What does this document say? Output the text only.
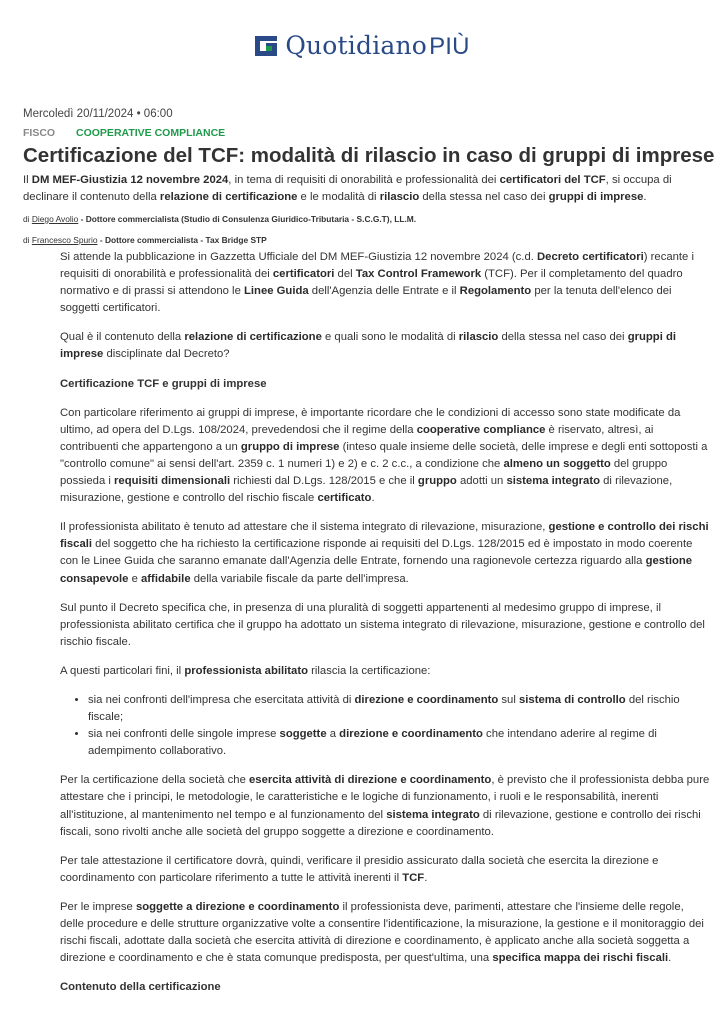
QuotidianoPIÙ
Mercoledì 20/11/2024 • 06:00
FISCO COOPERATIVE COMPLIANCE
Certificazione del TCF: modalità di rilascio in caso di gruppi di imprese

Il DM MEF-Giustizia 12 novembre 2024, in tema di requisiti di onorabilità e professionalità dei certificatori del TCF, si occupa di declinare il contenuto della relazione di certificazione e le modalità di rilascio della stessa nel caso dei gruppi di imprese.

di Diego Avolio - Dottore commercialista (Studio di Consulenza Giuridico-Tributaria - S.C.G.T), LL.M.

di Francesco Spurio - Dottore commercialista - Tax Bridge STP

Si attende la pubblicazione in Gazzetta Ufficiale del DM MEF-Giustizia 12 novembre 2024 (c.d. Decreto certificatori) recante i requisiti di onorabilità e professionalità dei certificatori del Tax Control Framework (TCF). Per il completamento del quadro normativo e di prassi si attendono le Linee Guida dell'Agenzia delle Entrate e il Regolamento per la tenuta dell'elenco dei soggetti certificatori.

Qual è il contenuto della relazione di certificazione e quali sono le modalità di rilascio della stessa nel caso dei gruppi di imprese disciplinate dal Decreto?

Certificazione TCF e gruppi di imprese

Con particolare riferimento ai gruppi di imprese, è importante ricordare che le condizioni di accesso sono state modificate da ultimo, ad opera del D.Lgs. 108/2024, prevedendosi che il regime della cooperative compliance è riservato, altresì, ai contribuenti che appartengono a un gruppo di imprese (inteso quale insieme delle società, delle imprese e degli enti sottoposti a "controllo comune" ai sensi dell'art. 2359 c. 1 numeri 1) e 2) e c. 2 c.c., a condizione che almeno un soggetto del gruppo possieda i requisiti dimensionali richiesti dal D.Lgs. 128/2015 e che il gruppo adotti un sistema integrato di rilevazione, misurazione, gestione e controllo del rischio fiscale certificato.

Il professionista abilitato è tenuto ad attestare che il sistema integrato di rilevazione, misurazione, gestione e controllo dei rischi fiscali del soggetto che ha richiesto la certificazione risponde ai requisiti del D.Lgs. 128/2015 ed è impostato in modo coerente con le Linee Guida che saranno emanate dall'Agenzia delle Entrate, fornendo una ragionevole certezza riguardo alla gestione consapevole e affidabile della variabile fiscale da parte dell'impresa.

Sul punto il Decreto specifica che, in presenza di una pluralità di soggetti appartenenti al medesimo gruppo di imprese, il professionista abilitato certifica che il gruppo ha adottato un sistema integrato di rilevazione, misurazione, gestione e controllo del rischio fiscale.

A questi particolari fini, il professionista abilitato rilascia la certificazione:

• sia nei confronti dell'impresa che esercitata attività di direzione e coordinamento sul sistema di controllo del rischio fiscale;
• sia nei confronti delle singole imprese soggette a direzione e coordinamento che intendano aderire al regime di adempimento collaborativo.

Per la certificazione della società che esercita attività di direzione e coordinamento, è previsto che il professionista debba pure attestare che i principi, le metodologie, le caratteristiche e le logiche di funzionamento, i ruoli e le responsabilità, inerenti all'istituzione, al mantenimento nel tempo e al funzionamento del sistema integrato di rilevazione, gestione e controllo dei rischi fiscali, sono rivolti anche alle società del gruppo soggette a direzione e coordinamento.

Per tale attestazione il certificatore dovrà, quindi, verificare il presidio assicurato dalla società che esercita la direzione e coordinamento con particolare riferimento a tutte le attività inerenti il TCF.

Per le imprese soggette a direzione e coordinamento il professionista deve, parimenti, attestare che l'insieme delle regole, delle procedure e delle strutture organizzative volte a consentire l'identificazione, la misurazione, la gestione e il monitoraggio dei rischi fiscali, adottate dalla società che esercita attività di direzione e coordinamento, è applicato anche alla società soggetta a direzione e coordinamento e che è stata comunque predisposta, per quest'ultima, una specifica mappa dei rischi fiscali.

Contenuto della certificazione
